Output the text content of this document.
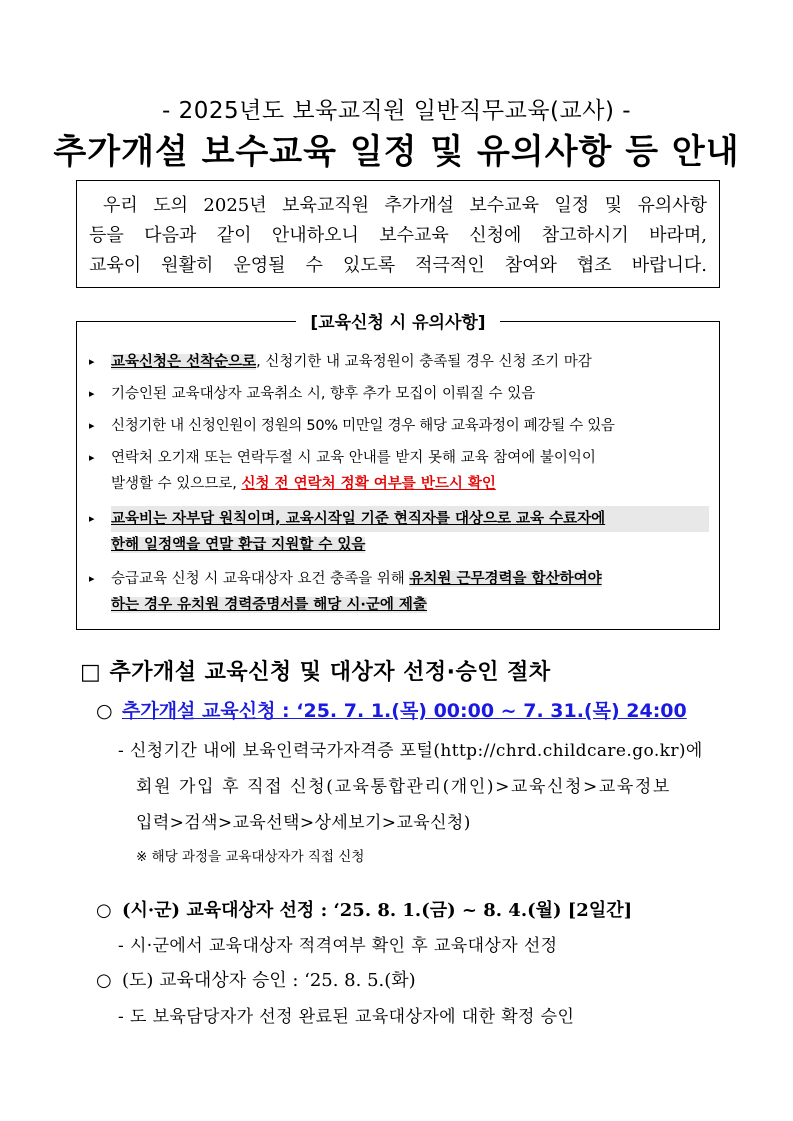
- 2025년도 보육교직원 일반직무교육(교사) -
추가개설 보수교육 일정 및 유의사항 등 안내

우리 도의 2025년 보육교직원 추가개설 보수교육 일정 및 유의사항

등을 다음과 같이 안내하오니 보수교육 신청에 참고하시기 바라며,

교육이 원활히 운영될 수 있도록 적극적인 참여와 협조 바랍니다.

[교육신청 시 유의사항]
▸ 교육신청은 선착순으로, 신청기한 내 교육정원이 충족될 경우 신청 조기 마감
▸ 기승인된 교육대상자 교육취소 시, 향후 추가 모집이 이뤄질 수 있음
▸ 신청기한 내 신청인원이 정원의 50% 미만일 경우 해당 교육과정이 폐강될 수 있음
▸ 연락처 오기재 또는 연락두절 시 교육 안내를 받지 못해 교육 참여에 불이익이
발생할 수 있으므로, 신청 전 연락처 정확 여부를 반드시 확인
▸ 교육비는 자부담 원칙이며, 교육시작일 기준 현직자를 대상으로 교육 수료자에
한해 일정액을 연말 환급 지원할 수 있음
▸ 승급교육 신청 시 교육대상자 요건 충족을 위해 유치원 근무경력을 합산하여야
하는 경우 유치원 경력증명서를 해당 시·군에 제출
□ 추가개설 교육신청 및 대상자 선정·승인 절차
○ 추가개설 교육신청 : ‘25. 7. 1.(목) 00:00 ~ 7. 31.(목) 24:00
- 신청기간 내에 보육인력국가자격증 포털(http://chrd.childcare.go.kr)에
회원 가입 후 직접 신청(교육통합관리(개인)>교육신청>교육정보
입력>검색>교육선택>상세보기>교육신청)
※ 해당 과정을 교육대상자가 직접 신청
○ (시·군) 교육대상자 선정 : ‘25. 8. 1.(금) ~ 8. 4.(월) [2일간]
- 시·군에서 교육대상자 적격여부 확인 후 교육대상자 선정
○ (도) 교육대상자 승인 : ‘25. 8. 5.(화)
- 도 보육담당자가 선정 완료된 교육대상자에 대한 확정 승인
